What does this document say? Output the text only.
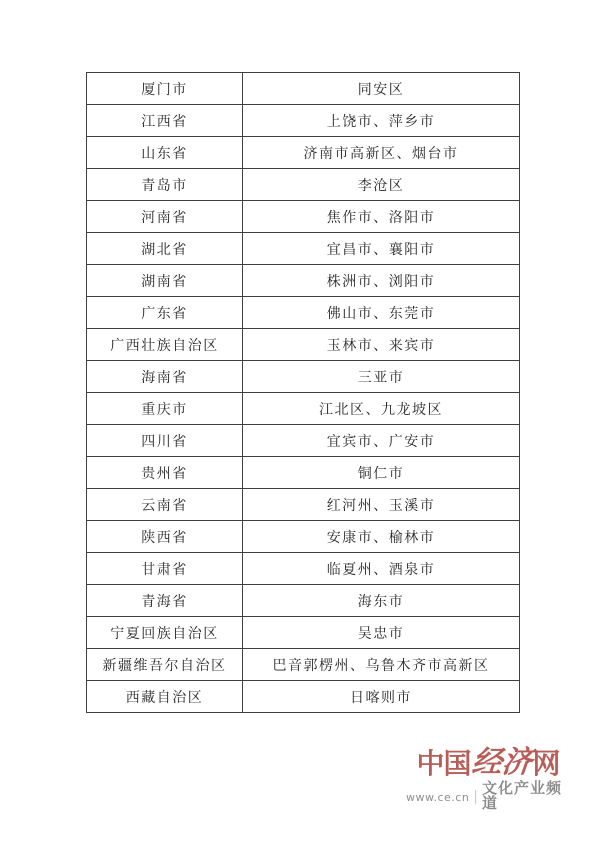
厦门市	同安区
江西省	上饶市、萍乡市
山东省	济南市高新区、烟台市
青岛市	李沧区
河南省	焦作市、洛阳市
湖北省	宜昌市、襄阳市
湖南省	株洲市、浏阳市
广东省	佛山市、东莞市
广西壮族自治区	玉林市、来宾市
海南省	三亚市
重庆市	江北区、九龙坡区
四川省	宜宾市、广安市
贵州省	铜仁市
云南省	红河州、玉溪市
陕西省	安康市、榆林市
甘肃省	临夏州、酒泉市
青海省	海东市
宁夏回族自治区	吴忠市
新疆维吾尔自治区	巴音郭楞州、乌鲁木齐市高新区
西藏自治区	日喀则市
中国 经济 网
www.ce.cn | 文化产业频道
